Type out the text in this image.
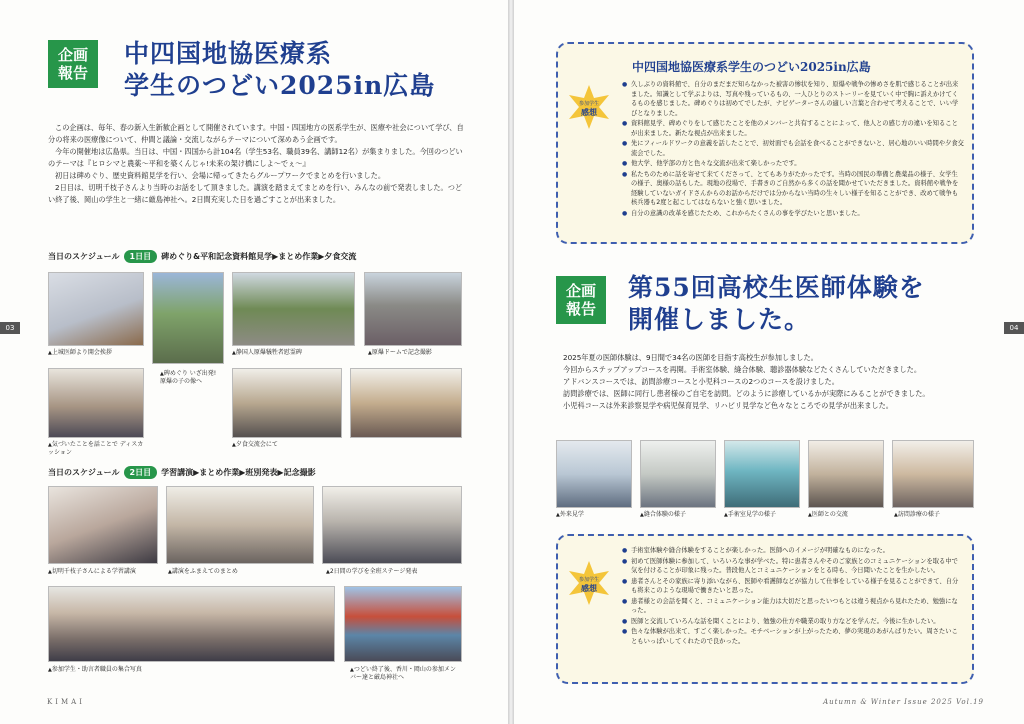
企画
報告
中四国地協医療系
学生のつどい2025in広島

この企画は、毎年、春の新入生新歓企画として開催されています。中国・四国地方の医系学生が、医療や社会について学び、自分の将来の医療像について、仲間と議論・交流しながらテーマについて深めあう企画です。

今年の開催地は広島県。当日は、中国・四国から計104名（学生53名、職員39名、講師12名）が集まりました。今回のつどいのテーマは『ヒロシマと農薬〜平和を築くんじゃ!未来の架け橋にしよ〜でぇ〜』

初日は碑めぐり、歴史資料館見学を行い、会場に帰ってきたらグループワークでまとめを行いました。

2日目は、切明千枝子さんより当時のお話をして頂きました。講演を踏まえてまとめを行い、みんなの前で発表しました。つどい終了後、岡山の学生と一緒に厳島神社へ。2日間充実した日を過ごすことが出来ました。

当日のスケジュール	1日目	碑めぐり&平和記念資料館見学▶まとめ作業▶夕食交流
▲ 上城医師より開会挨拶
▲ 碑めぐり いざ出発! 原爆の子の像へ
▲ 静国人原爆犠牲者慰霊碑	▲ 原爆ドームで記念撮影
▲ 気づいたことを話ことで ディスカッション
▲ 夕食交流会にて
当日のスケジュール	2日目	学習講演▶まとめ作業▶班別発表▶記念撮影
▲ 切明千枝子さんによる学習講演	▲ 講演をふまえてのまとめ	▲ 2日間の学びを全班ステージ発表
▲ 参加学生・助言者職員の集合写真	▲ つどい終了後、香川・岡山の参加メンバー達と厳島神社へ
03
KIMAI
中四国地協医療系学生のつどい2025in広島
参加学生
感想
● 久しぶりの資料館で、自分のまだまだ知らなかった被害の惨状を知り、原爆や戦争の惨めさを肌で感じることが出来ました。知識として学ぶよりは、写真や残っているもの、一人ひとりのストーリーを見ていく中で胸に訴えかけてくるものを感じました。碑めぐりは初めてでしたが、ナビゲーターさんの適しい言葉と合わせて考えることで、いい学びとなりました。
● 資料館見学、碑めぐりをして感じたことを他のメンバーと共有することによって、他人との感じ方の違いを知ることが出来ました。新たな視点が出来ました。
● 先にフィールドワークの意義を話したことで、初対面でも会話を食べることができないと、居心地のいい時間や夕食交流会でした。
● 他大学、他学部の方と色々な交流が出来て楽しかったです。
● 私たちのために話を寄せて来てくださって、とてもありがたかったです。当時の国民の準備と農薬品の様子、女学生の様子、奥様の話もした。現地の役場で、手書きのご自然から多くの話を聞かせていただきました。資料館や戦争を経験していないガイドさんからのお話からだけでは分からない当時の生々しい様子を知ることができ、改めて戦争も核兵器も2度と起こしてはならないと強く思いました。
● 自分の意識の改革を感じたため、これからたくさんの事を学びたいと思いました。
企画
報告
第55回高校生医師体験を
開催しました。

2025年夏の医師体験は、9日間で34名の医師を目指す高校生が参加しました。

今回からステップアップコースを再開。手術室体験、縫合体験、聴診器体験などたくさんしていただきました。

アドバンスコースでは、訪問診療コースと小児科コースの2つのコースを設けました。

訪問診療では、医師に同行し患者様のご自宅を訪問。どのように診療しているかが実際にみることができました。

小児科コースは外来診察見学や病児保育見学、リハビリ見学など色々なところでの見学が出来ました。

▲ 外来見学	▲ 縫合体験の様子	▲ 手術室見学の様子	▲ 医師との交流	▲ 訪問診療の様子
参加学生
感想
● 手術室体験や縫合体験をすることが楽しかった。医師へのイメージが明確なものになった。
● 初めて医師体験に参加して、いろいろな事が学べた。特に患者さんやそのご家族とのコミュニケーションを取る中で気を付けることが印象に残った。普段他人とコミュニケーションをとる時も、今日聞いたことを生かしたい。
● 患者さんとその家族に寄り添いながら、医師や看護師などが協力して仕事をしている様子を見ることができて、自分も将来このような現場で働きたいと思った。
● 患者様との会話を聞くと、コミュニケーション能力は大切だと思ったいつもとは違う視点から見れたため、勉強になった。
● 医師と交流していろんな話を聞くことにより、勉強の仕方や職業の取り方などを学んだ。今後に生かしたい。
● 色々な体験が出来て、すごく楽しかった。モチベーションが上がったため、夢の実現のあがんばりたい。周さたいこともいっぱいしてくれたので良かった。
04
Autumn & Winter Issue 2025 Vol.19
